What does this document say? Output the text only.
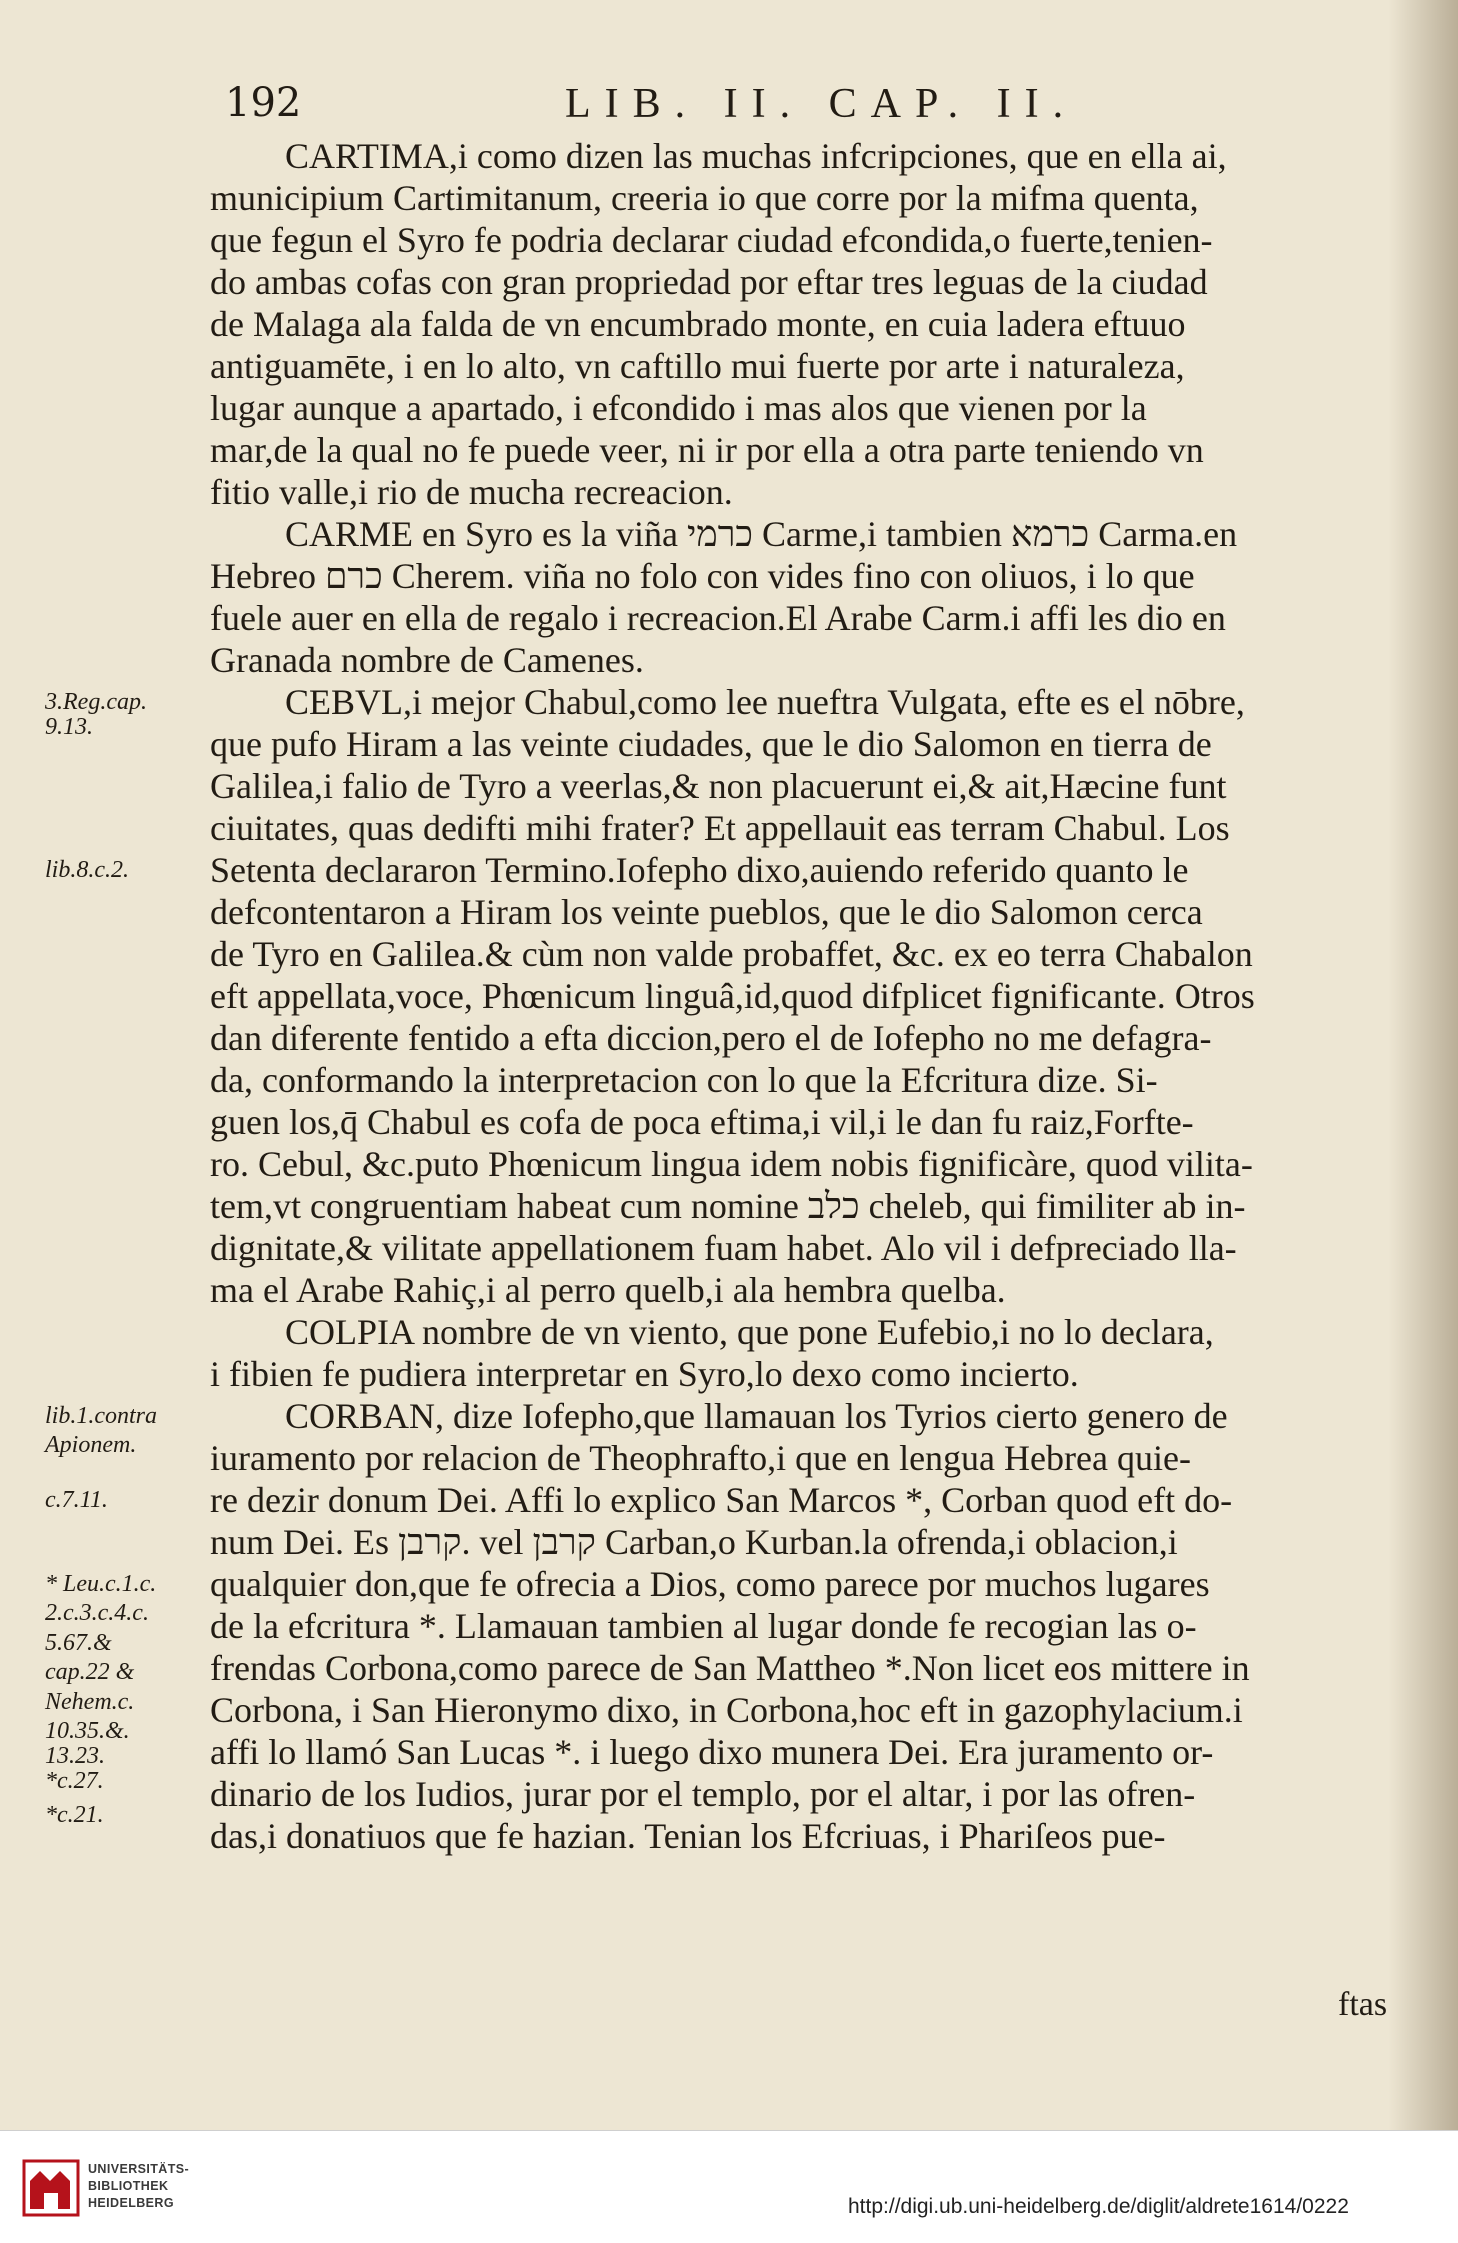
192	LIB. II. CAP. II.
3.Reg.cap.
9.13.
lib.8.c.2.
lib.1.contra
Apionem.
c.7.11.
* Leu.c.1.c.
2.c.3.c.4.c.
5.67.&
cap.22 &
Nehem.c.
10.35.&.
13.23.
*c.27.
*c.21.
CARTIMA,i como dizen las muchas infcripciones, que en ella ai,
municipium Cartimitanum, creeria io que corre por la mifma quenta,
que fegun el Syro fe podria declarar ciudad efcondida,o fuerte,tenien-
do ambas cofas con gran propriedad por eftar tres leguas de la ciudad
de Malaga ala falda de vn encumbrado monte, en cuia ladera eftuuo
antiguamēte, i en lo alto, vn caftillo mui fuerte por arte i naturaleza,
lugar aunque a apartado, i efcondido i mas alos que vienen por la
mar,de la qual no fe puede veer, ni ir por ella a otra parte teniendo vn
fitio valle,i rio de mucha recreacion.
CARME en Syro es la viña כרמי Carme,i tambien כרמא Carma.en
Hebreo כרם Cherem. viña no folo con vides fino con oliuos, i lo que
fuele auer en ella de regalo i recreacion.El Arabe Carm.i affi les dio en
Granada nombre de Camenes.
CEBVL,i mejor Chabul,como lee nueftra Vulgata, efte es el nōbre,
que pufo Hiram a las veinte ciudades, que le dio Salomon en tierra de
Galilea,i falio de Tyro a veerlas,& non placuerunt ei,& ait,Hæcine funt
ciuitates, quas dedifti mihi frater? Et appellauit eas terram Chabul. Los
Setenta declararon Termino.Iofepho dixo,auiendo referido quanto le
defcontentaron a Hiram los veinte pueblos, que le dio Salomon cerca
de Tyro en Galilea.& cùm non valde probaffet, &c. ex eo terra Chabalon
eft appellata,voce, Phœnicum linguâ,id,quod difplicet fignificante. Otros
dan diferente fentido a efta diccion,pero el de Iofepho no me defagra-
da, conformando la interpretacion con lo que la Efcritura dize. Si-
guen los,q̄ Chabul es cofa de poca eftima,i vil,i le dan fu raiz,Forfte-
ro. Cebul, &c.puto Phœnicum lingua idem nobis fignificàre, quod vilita-
tem,vt congruentiam habeat cum nomine כלב cheleb, qui fimiliter ab in-
dignitate,& vilitate appellationem fuam habet. Alo vil i defpreciado lla-
ma el Arabe Rahiç,i al perro quelb,i ala hembra quelba.
COLPIA nombre de vn viento, que pone Eufebio,i no lo declara,
i fibien fe pudiera interpretar en Syro,lo dexo como incierto.
CORBAN, dize Iofepho,que llamauan los Tyrios cierto genero de
iuramento por relacion de Theophrafto,i que en lengua Hebrea quie-
re dezir donum Dei. Affi lo explico San Marcos *, Corban quod eft do-
num Dei. Es קרבן. vel קרבן Carban,o Kurban.la ofrenda,i oblacion,i
qualquier don,que fe ofrecia a Dios, como parece por muchos lugares
de la efcritura *. Llamauan tambien al lugar donde fe recogian las o-
frendas Corbona,como parece de San Mattheo *.Non licet eos mittere in
Corbona, i San Hieronymo dixo, in Corbona,hoc eft in gazophylacium.i
affi lo llamó San Lucas *. i luego dixo munera Dei. Era juramento or-
dinario de los Iudios, jurar por el templo, por el altar, i por las ofren-
das,i donatiuos que fe hazian. Tenian los Efcriuas, i Phariſeos pue-
ftas
UNIVERSITÄTS-
BIBLIOTHEK
HEIDELBERG	http://digi.ub.uni-heidelberg.de/diglit/aldrete1614/0222
